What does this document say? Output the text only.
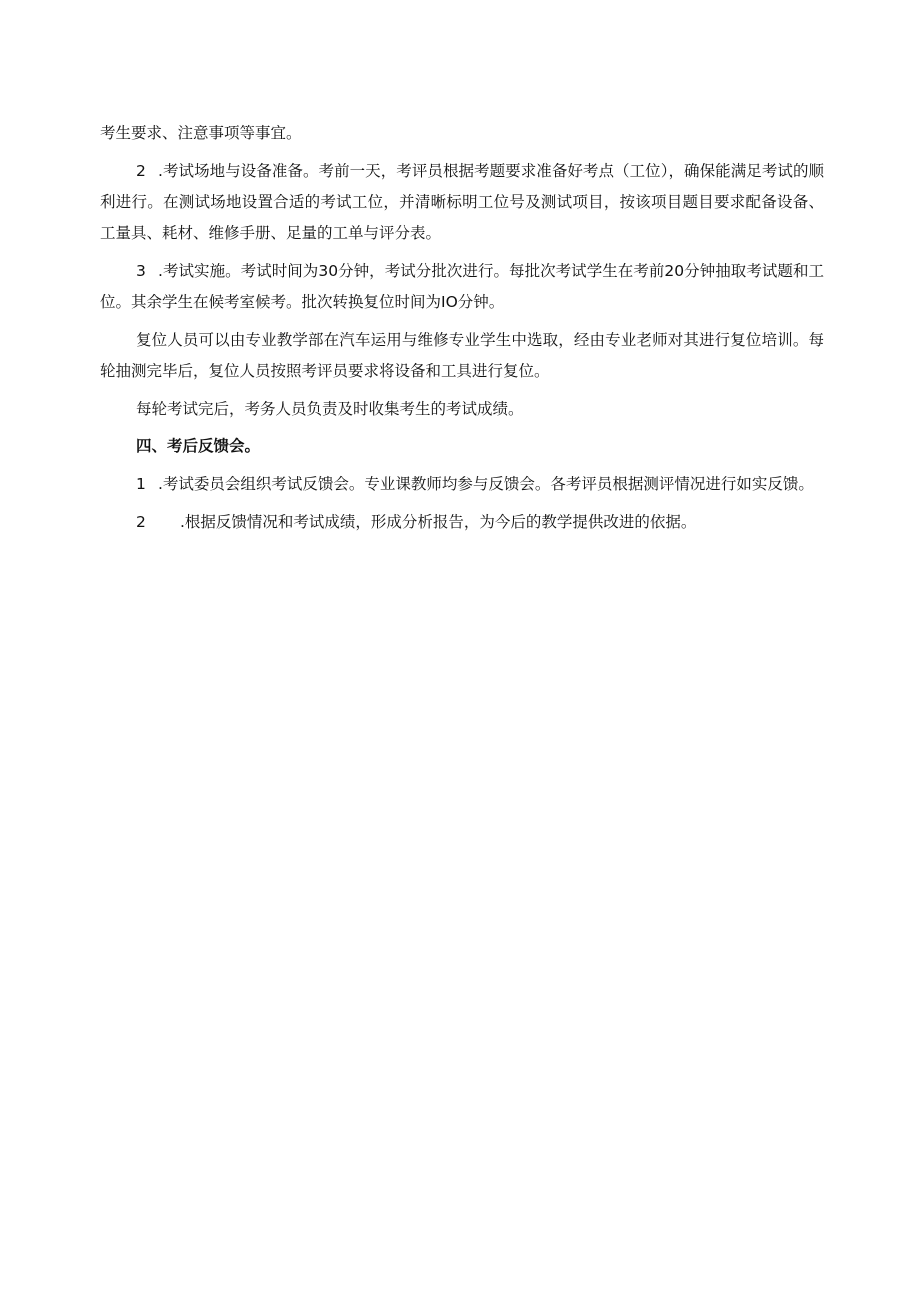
考生要求、注意事项等事宜。

2 .考试场地与设备准备。考前一天，考评员根据考题要求准备好考点（工位），确保能满足考试的顺利进行。在测试场地设置合适的考试工位，并清晰标明工位号及测试项目，按该项目题目要求配备设备、工量具、耗材、维修手册、足量的工单与评分表。

3 .考试实施。考试时间为30分钟，考试分批次进行。每批次考试学生在考前20分钟抽取考试题和工位。其余学生在候考室候考。批次转换复位时间为IO分钟。

复位人员可以由专业教学部在汽车运用与维修专业学生中选取，经由专业老师对其进行复位培训。每轮抽测完毕后，复位人员按照考评员要求将设备和工具进行复位。

每轮考试完后，考务人员负责及时收集考生的考试成绩。

四、考后反馈会。

1 .考试委员会组织考试反馈会。专业课教师均参与反馈会。各考评员根据测评情况进行如实反馈。

2 .根据反馈情况和考试成绩，形成分析报告，为今后的教学提供改进的依据。
